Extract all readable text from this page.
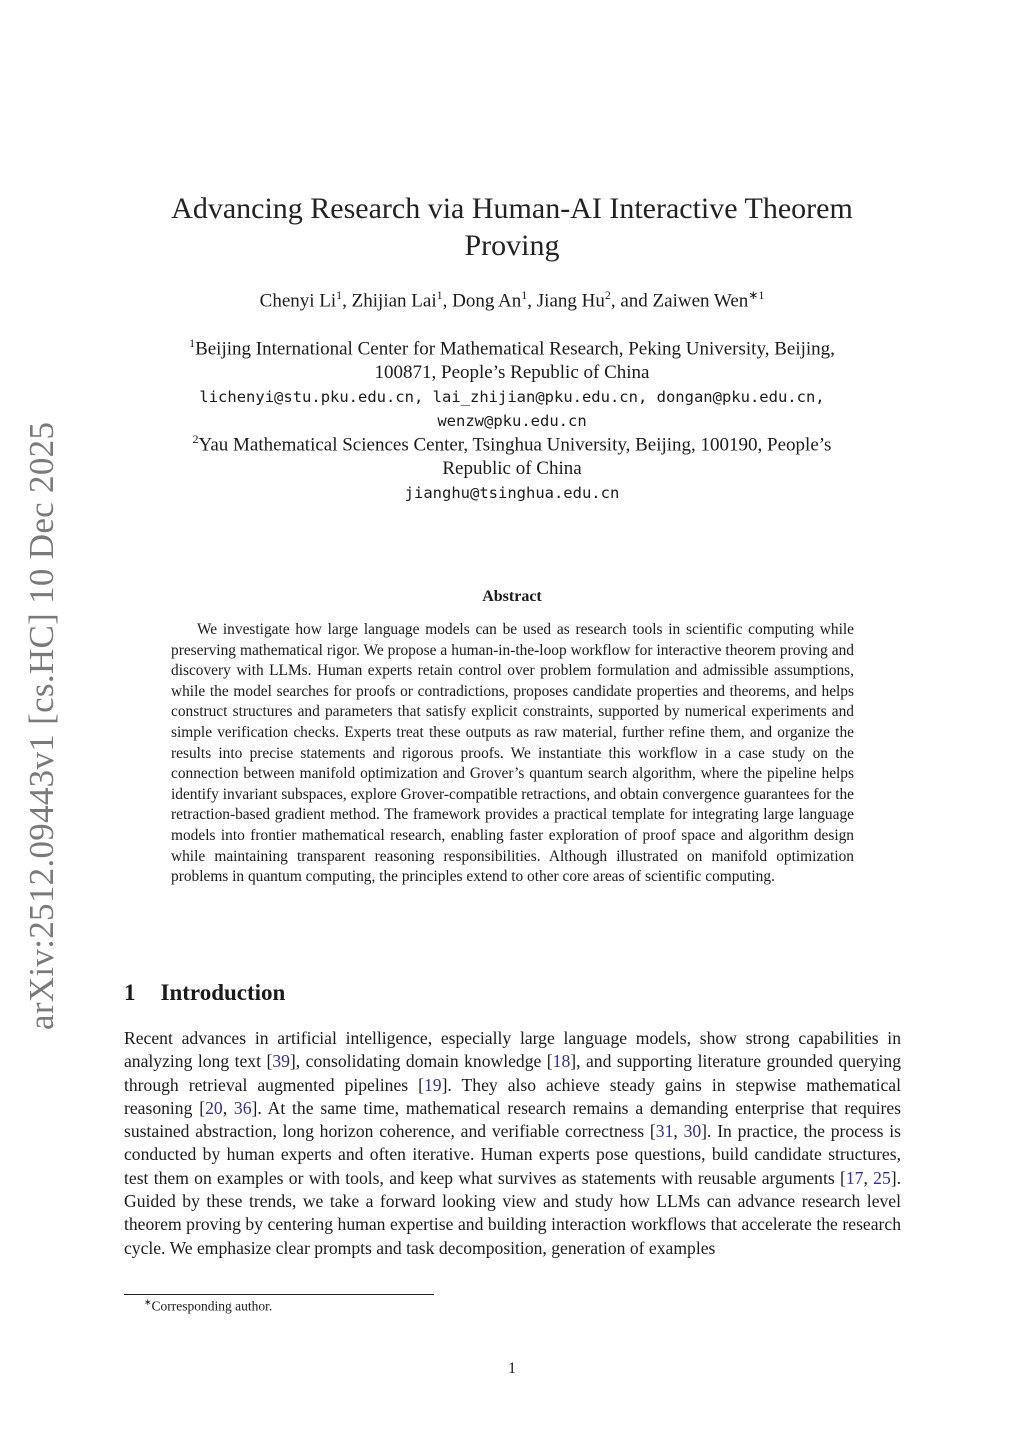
arXiv:2512.09443v1 [cs.HC] 10 Dec 2025
Advancing Research via Human-AI Interactive Theorem
Proving
Chenyi Li$^1$, Zhijian Lai$^1$, Dong An$^1$, Jiang Hu$^2$, and Zaiwen Wen$^{∗1}$
$^1$Beijing International Center for Mathematical Research, Peking University, Beijing,
100871, People’s Republic of China
lichenyi@stu.pku.edu.cn, lai_zhijian@pku.edu.cn, dongan@pku.edu.cn,
wenzw@pku.edu.cn
$^2$Yau Mathematical Sciences Center, Tsinghua University, Beijing, 100190, People’s
Republic of China
jianghu@tsinghua.edu.cn
Abstract

We investigate how large language models can be used as research tools in scientific computing while preserving mathematical rigor. We propose a human-in-the-loop workflow for interactive theorem proving and discovery with LLMs. Human experts retain control over problem formulation and admissible assumptions, while the model searches for proofs or contradictions, proposes candidate properties and theorems, and helps construct structures and parameters that satisfy explicit constraints, supported by numerical experiments and simple verification checks. Experts treat these outputs as raw material, further refine them, and organize the results into precise statements and rigorous proofs. We instantiate this workflow in a case study on the connection between manifold optimization and Grover’s quantum search algorithm, where the pipeline helps identify invariant subspaces, explore Grover-compatible retractions, and obtain convergence guarantees for the retraction-based gradient method. The framework provides a practical template for integrating large language models into frontier mathematical research, enabling faster exploration of proof space and algorithm design while maintaining transparent reasoning responsibilities. Although illustrated on manifold optimization problems in quantum computing, the principles extend to other core areas of scientific computing.

1 Introduction

Recent advances in artificial intelligence, especially large language models, show strong capabilities in analyzing long text [39], consolidating domain knowledge [18], and supporting literature grounded querying through retrieval augmented pipelines [19]. They also achieve steady gains in stepwise mathematical reasoning [20, 36]. At the same time, mathematical research remains a demanding enterprise that requires sustained abstraction, long horizon coherence, and verifiable correctness [31, 30]. In practice, the process is conducted by human experts and often iterative. Human experts pose questions, build candidate structures, test them on examples or with tools, and keep what survives as statements with reusable arguments [17, 25]. Guided by these trends, we take a forward looking view and study how LLMs can advance research level theorem proving by centering human expertise and building interaction workflows that accelerate the research cycle. We emphasize clear prompts and task decomposition, generation of examples

∗Corresponding author.
1
